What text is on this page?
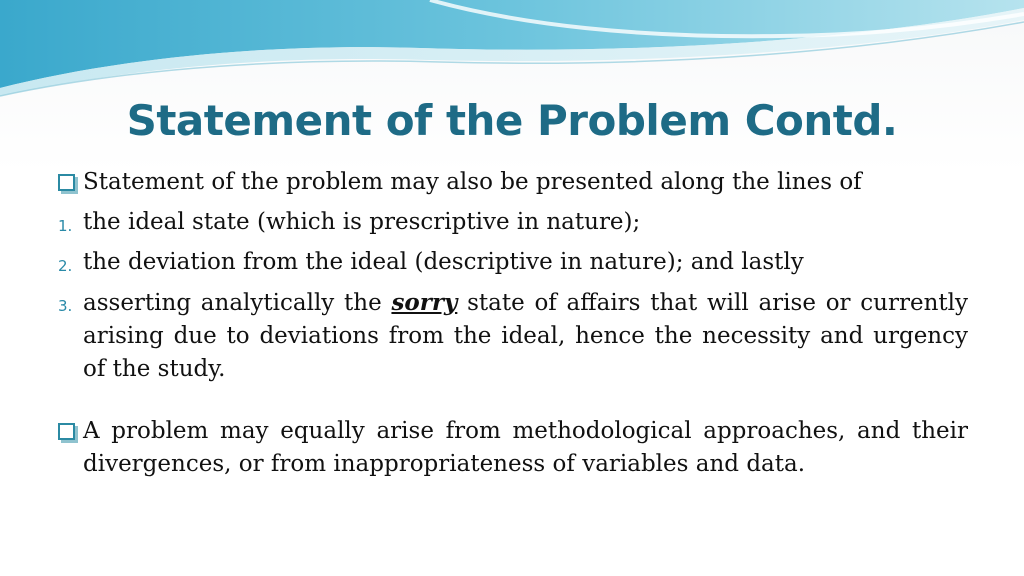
Statement of the Problem Contd.

Statement of the problem may also be presented along the lines of

1. the ideal state (which is prescriptive in nature);

2. the deviation from the ideal (descriptive in nature); and lastly

3. asserting analytically the sorry state of affairs that will arise or currently arising due to deviations from the ideal, hence the necessity and urgency of the study.

A problem may equally arise from methodological approaches, and their divergences, or from inappropriateness of variables and data.
